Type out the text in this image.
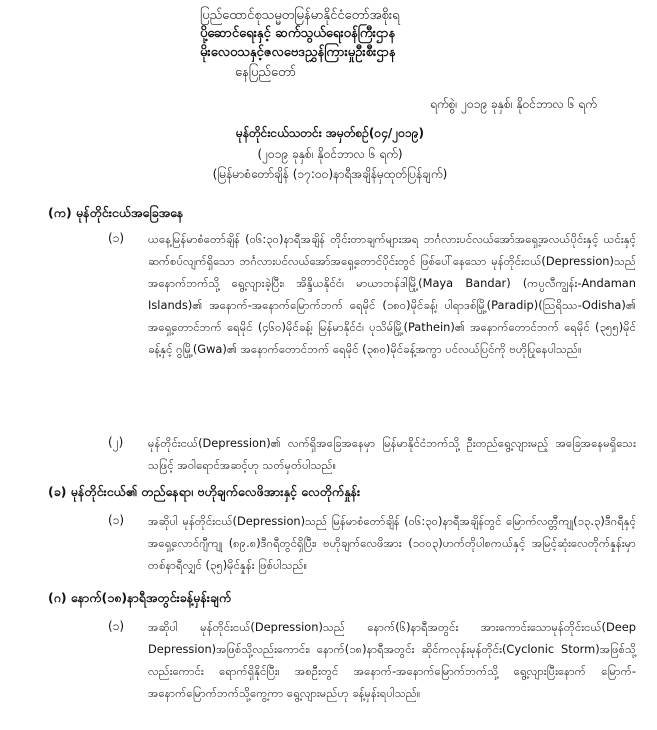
ပြည်ထောင်စုသမ္မတမြန်မာနိုင်ငံတော်အစိုးရ
ပို့ဆောင်ရေးနှင့် ဆက်သွယ်ရေးဝန်ကြီးဌာန
မိုးလေဝသနှင့်ဇလဗေဒညွှန်ကြားမှုဦးစီးဌာန
နေပြည်တော်
ရက်စွဲ၊ ၂၀၁၉ ခုနှစ်၊ နိုဝင်ဘာလ ၆ ရက်
မုန်တိုင်းငယ်သတင်း အမှတ်စဉ်(၀၄/၂၀၁၉)
(၂၀၁၉ ခုနှစ်၊ နိုဝင်ဘာလ ၆ ရက်)
(မြန်မာစံတော်ချိန် (၁၇:၀၀)နာရီအချိန်မှထုတ်ပြန်ချက်)
(က) မုန်တိုင်းငယ်အခြေအနေ
(၁) ယနေ့မြန်မာစံတော်ချိန် (၀၆:၃၀)နာရီအချိန် တိုင်းတာချက်များအရ ဘင်္ဂလားပင်လယ်အော်အရှေ့အလယ်ပိုင်းနှင့် ယင်းနှင့်ဆက်စပ်လျက်ရှိသော ဘင်္ဂလားပင်လယ်အော်အရှေ့တောင်ပိုင်းတွင် ဖြစ်ပေါ်နေသော မုန်တိုင်းငယ်(Depression)သည် အနောက်ဘက်သို့ ရွေ့လျားခဲ့ပြီး၊ အိန္ဒိယနိုင်ငံ၊ မာယာဘန်ဒါမြို့(Maya Bandar) (ကပ္ပလီကျွန်း-Andaman Islands)၏ အနောက်-အနောက်မြောက်ဘက် ရေမိုင် (၁၈၀)မိုင်ခန့်၊ ပါရာဒစ်မြို့(Paradip)(ဩရိဿ-Odisha)၏ အရှေ့တောင်ဘက် ရေမိုင် (၄၆၀)မိုင်ခန့်၊ မြန်မာနိုင်ငံ၊ ပုသိမ်မြို့(Pathein)၏ အနောက်တောင်ဘက် ရေမိုင် (၃၅၅)မိုင်ခန့်နှင့် ဂွမြို့(Gwa)၏ အနောက်တောင်ဘက် ရေမိုင် (၃၈၀)မိုင်ခန့်အကွာ ပင်လယ်ပြင်ကို ဗဟိုပြုနေပါသည်။
(၂) မုန်တိုင်းငယ်(Depression)၏ လက်ရှိအခြေအနေမှာ မြန်မာနိုင်ငံဘက်သို့ ဦးတည်ရွေ့လျားမည့် အခြေအနေမရှိသေးသဖြင့် အဝါရောင်အဆင့်ဟု သတ်မှတ်ပါသည်။
(ခ) မုန်တိုင်းငယ်၏ တည်နေရာ၊ ဗဟိုချက်လေဖိအားနှင့် လေတိုက်နှုန်း
(၁) အဆိုပါ မုန်တိုင်းငယ်(Depression)သည် မြန်မာစံတော်ချိန် (၀၆:၃၀)နာရီအချိန်တွင် မြောက်လတ္တီကျု(၁၃.၃)ဒီဂရီနှင့် အရှေ့လောင်ဂျီကျု (၈၉.၈)ဒီဂရီတွင်ရှိပြီး၊ ဗဟိုချက်လေဖိအား (၁၀၀၃)ဟက်တိုပါစကယ်နှင့် အမြင့်ဆုံးလေတိုက်နှုန်းမှာ တစ်နာရီလျှင် (၃၅)မိုင်နှုန်း ဖြစ်ပါသည်။
(ဂ) နောက်(၁၈)နာရီအတွင်းခန့်မှန်းချက်
(၁) အဆိုပါ မုန်တိုင်းငယ်(Depression)သည် နောက်(၆)နာရီအတွင်း အားကောင်းသောမုန်တိုင်းငယ်(Deep Depression)အဖြစ်သို့လည်းကောင်း၊ နောက်(၁၈)နာရီအတွင်း ဆိုင်ကလုန်းမုန်တိုင်း(Cyclonic Storm)အဖြစ်သို့လည်းကောင်း ရောက်ရှိနိုင်ပြီး၊ အစဦးတွင် အနောက်-အနောက်မြောက်ဘက်သို့ ရွေ့လျားပြီးနောက် မြောက်-အနောက်မြောက်ဘက်သို့ကွေ့ကာ ရွေ့လျားမည်ဟု ခန့်မှန်းရပါသည်။
